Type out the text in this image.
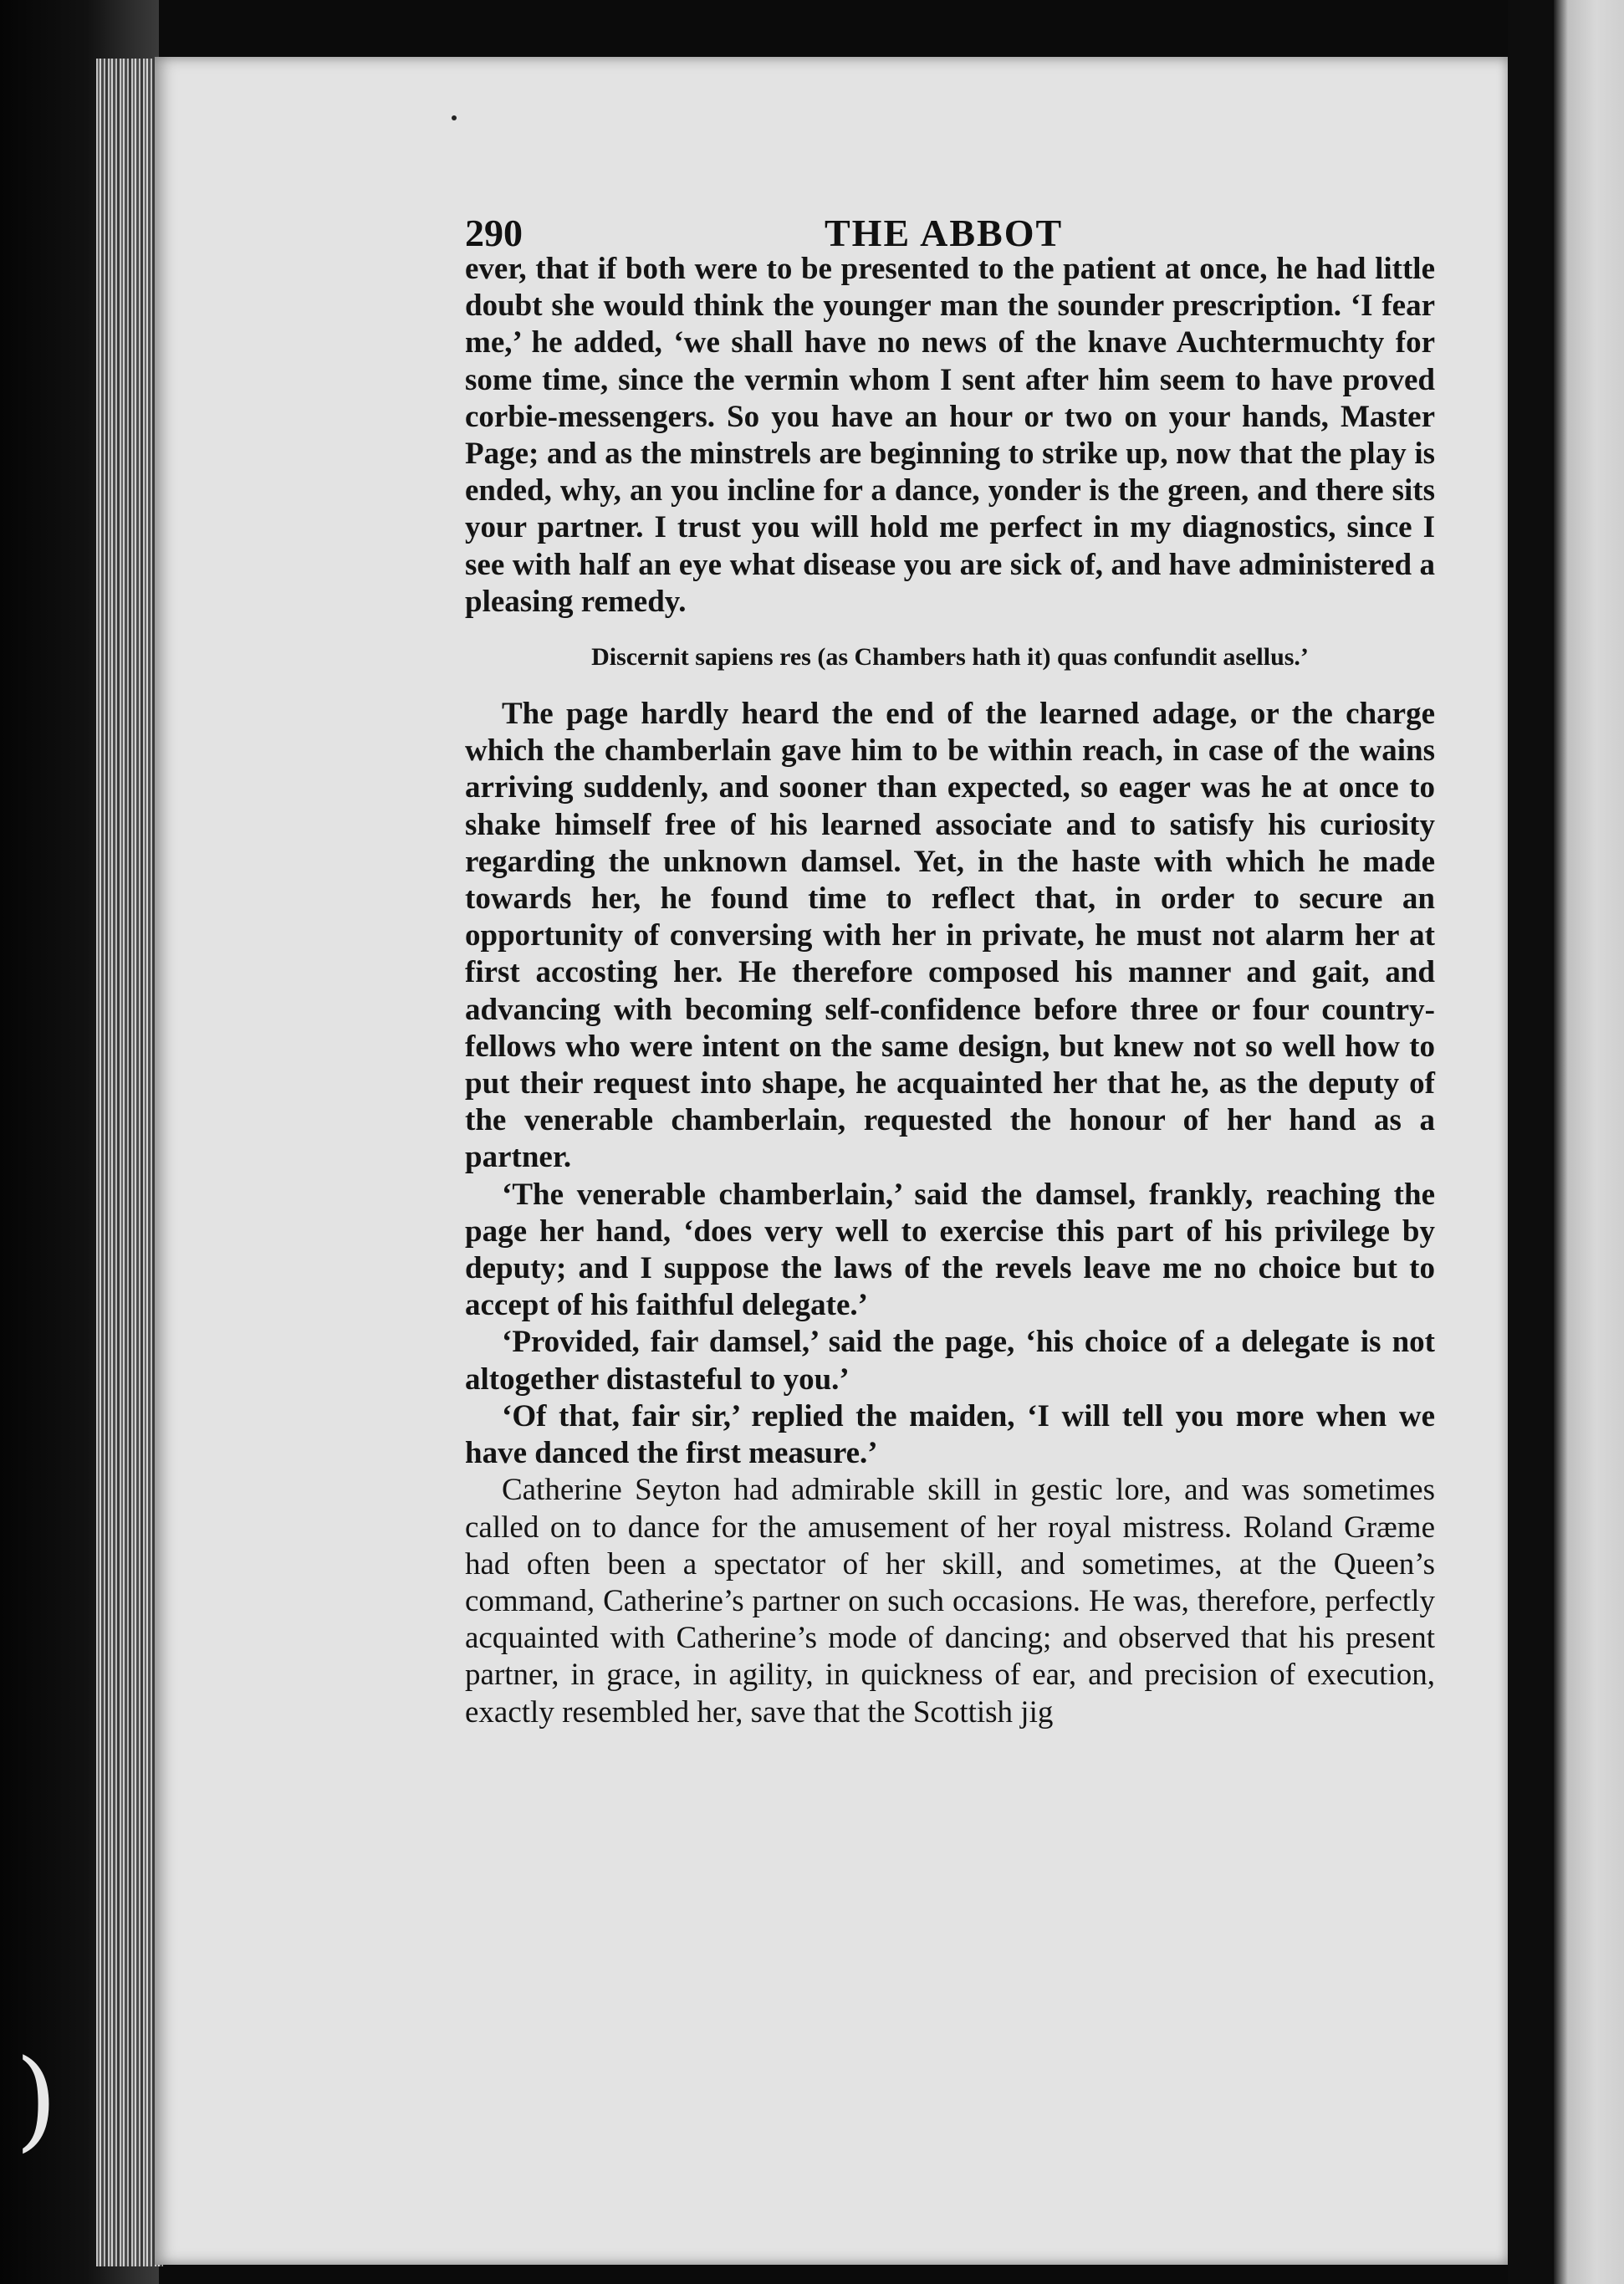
)
290	THE ABBOT

ever, that if both were to be presented to the patient at once, he had little doubt she would think the younger man the sounder prescription. ‘I fear me,’ he added, ‘we shall have no news of the knave Auchtermuchty for some time, since the vermin whom I sent after him seem to have proved corbie-messengers. So you have an hour or two on your hands, Master Page; and as the minstrels are beginning to strike up, now that the play is ended, why, an you incline for a dance, yonder is the green, and there sits your partner. I trust you will hold me perfect in my diagnostics, since I see with half an eye what disease you are sick of, and have administered a pleasing remedy.

Discernit sapiens res (as Chambers hath it) quas confundit asellus.’

The page hardly heard the end of the learned adage, or the charge which the chamberlain gave him to be within reach, in case of the wains arriving suddenly, and sooner than expected, so eager was he at once to shake himself free of his learned associate and to satisfy his curiosity regarding the unknown damsel. Yet, in the haste with which he made towards her, he found time to reflect that, in order to secure an opportunity of conversing with her in private, he must not alarm her at first accosting her. He therefore composed his manner and gait, and advancing with becoming self-confidence before three or four country-fellows who were intent on the same design, but knew not so well how to put their request into shape, he acquainted her that he, as the deputy of the venerable chamberlain, requested the honour of her hand as a partner.

‘The venerable chamberlain,’ said the damsel, frankly, reaching the page her hand, ‘does very well to exercise this part of his privilege by deputy; and I suppose the laws of the revels leave me no choice but to accept of his faithful delegate.’

‘Provided, fair damsel,’ said the page, ‘his choice of a delegate is not altogether distasteful to you.’

‘Of that, fair sir,’ replied the maiden, ‘I will tell you more when we have danced the first measure.’

Catherine Seyton had admirable skill in gestic lore, and was sometimes called on to dance for the amusement of her royal mistress. Roland Græme had often been a spectator of her skill, and sometimes, at the Queen’s command, Catherine’s partner on such occasions. He was, therefore, perfectly acquainted with Catherine’s mode of dancing; and observed that his present partner, in grace, in agility, in quickness of ear, and precision of execution, exactly resembled her, save that the Scottish jig
